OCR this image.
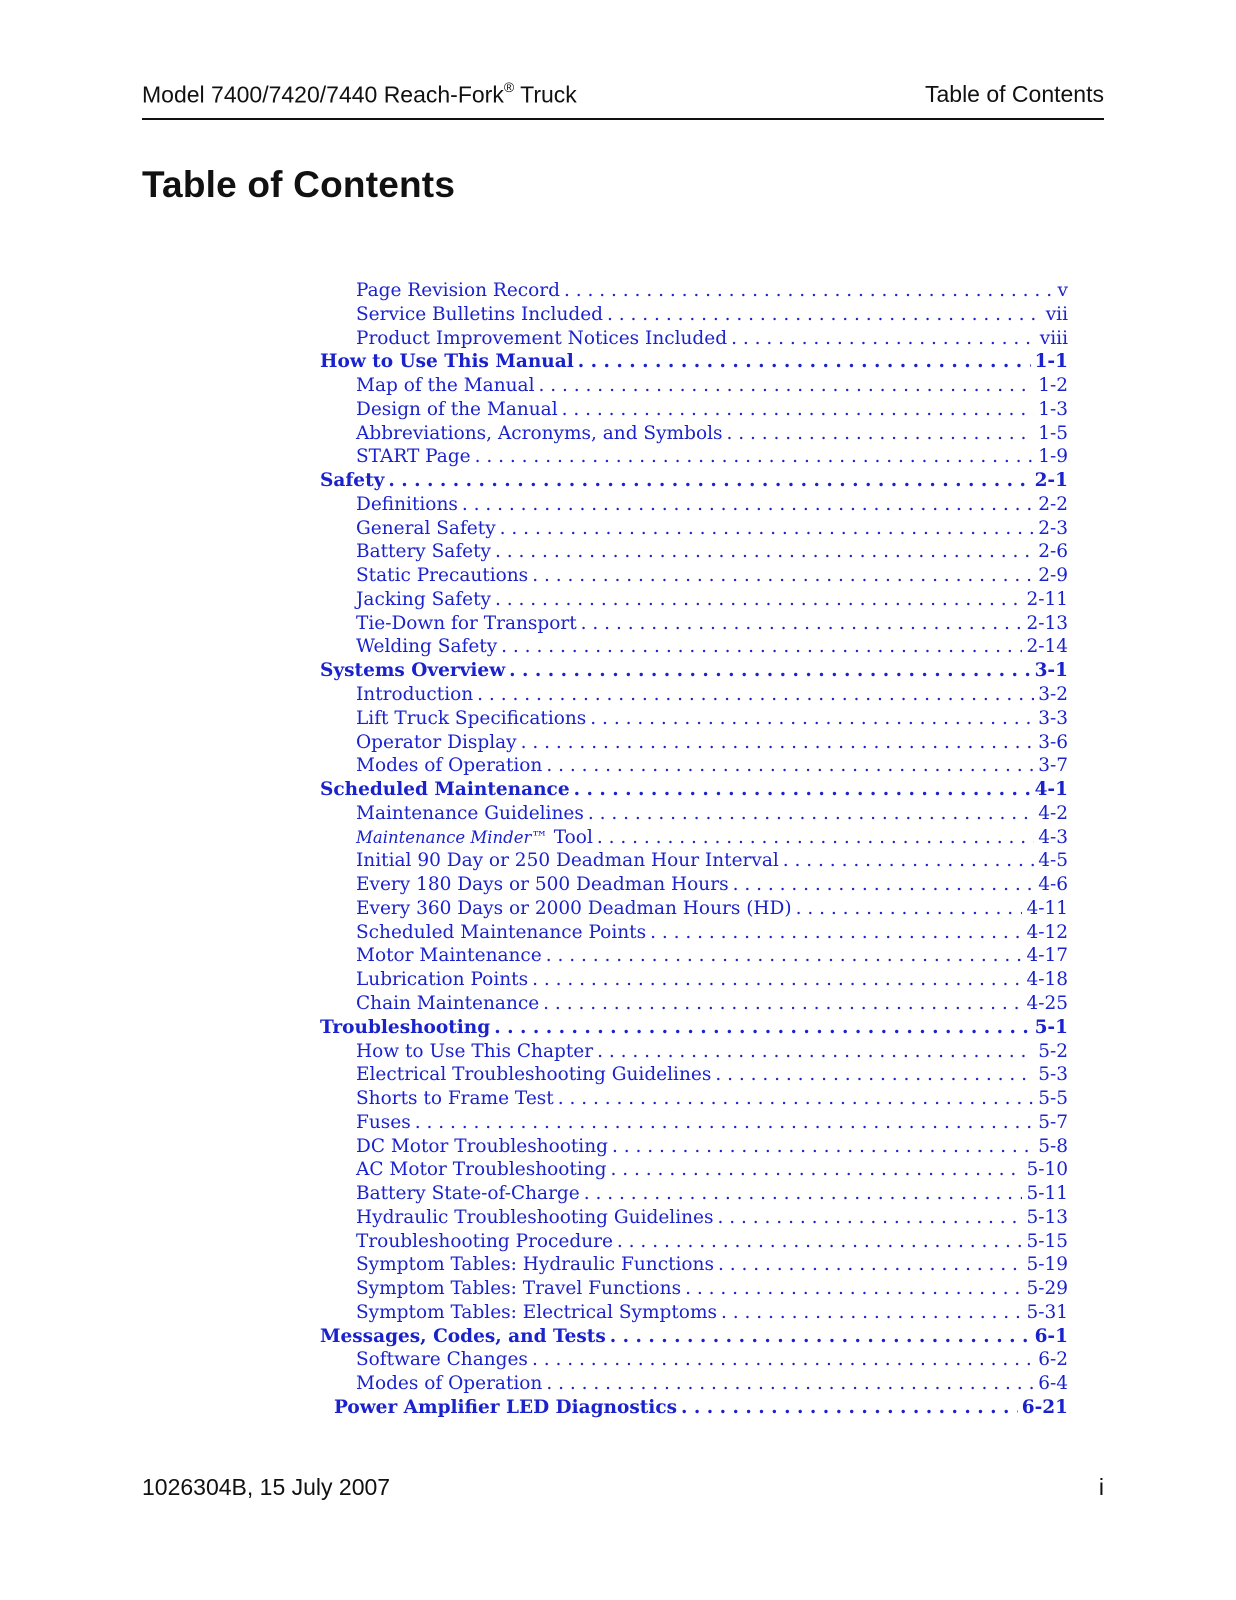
Model 7400/7420/7440 Reach-Fork® Truck	Table of Contents
Table of Contents
Page Revision Record . . .	v
Service Bulletins Included . . .	vii
Product Improvement Notices Included . . .	viii
How to Use This Manual . . .	1-1
Map of the Manual . . .	1-2
Design of the Manual . . .	1-3
Abbreviations, Acronyms, and Symbols . . .	1-5
START Page . . .	1-9
Safety . . .	2-1
Definitions . . .	2-2
General Safety . . .	2-3
Battery Safety . . .	2-6
Static Precautions . . .	2-9
Jacking Safety . . .	2-11
Tie-Down for Transport . . .	2-13
Welding Safety . . .	2-14
Systems Overview . . .	3-1
Introduction . . .	3-2
Lift Truck Specifications . . .	3-3
Operator Display . . .	3-6
Modes of Operation . . .	3-7
Scheduled Maintenance . . .	4-1
Maintenance Guidelines . . .	4-2
Maintenance Minder™ Tool . . .	4-3
Initial 90 Day or 250 Deadman Hour Interval . . .	4-5
Every 180 Days or 500 Deadman Hours . . .	4-6
Every 360 Days or 2000 Deadman Hours (HD) . . .	4-11
Scheduled Maintenance Points . . .	4-12
Motor Maintenance . . .	4-17
Lubrication Points . . .	4-18
Chain Maintenance . . .	4-25
Troubleshooting . . .	5-1
How to Use This Chapter . . .	5-2
Electrical Troubleshooting Guidelines . . .	5-3
Shorts to Frame Test . . .	5-5
Fuses . . .	5-7
DC Motor Troubleshooting . . .	5-8
AC Motor Troubleshooting . . .	5-10
Battery State-of-Charge . . .	5-11
Hydraulic Troubleshooting Guidelines . . .	5-13
Troubleshooting Procedure . . .	5-15
Symptom Tables: Hydraulic Functions . . .	5-19
Symptom Tables: Travel Functions . . .	5-29
Symptom Tables: Electrical Symptoms . . .	5-31
Messages, Codes, and Tests . . .	6-1
Software Changes . . .	6-2
Modes of Operation . . .	6-4
Power Amplifier LED Diagnostics . . .	6-21
1026304B, 15 July 2007	i
